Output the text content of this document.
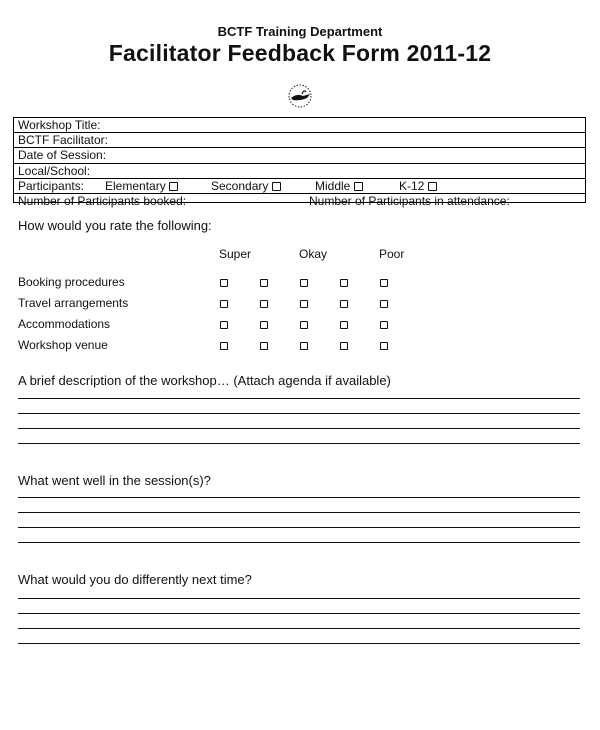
BCTF Training Department
Facilitator Feedback Form 2011-12
Workshop Title:
BCTF Facilitator:
Date of Session:
Local/School:
Participants: Elementary	Secondary	Middle	K-12
Number of Participants booked:	Number of Participants in attendance:
How would you rate the following:
Super	Okay	Poor
Booking procedures
Travel arrangements
Accommodations
Workshop venue
A brief description of the workshop… (Attach agenda if available)
What went well in the session(s)?
What would you do differently next time?
